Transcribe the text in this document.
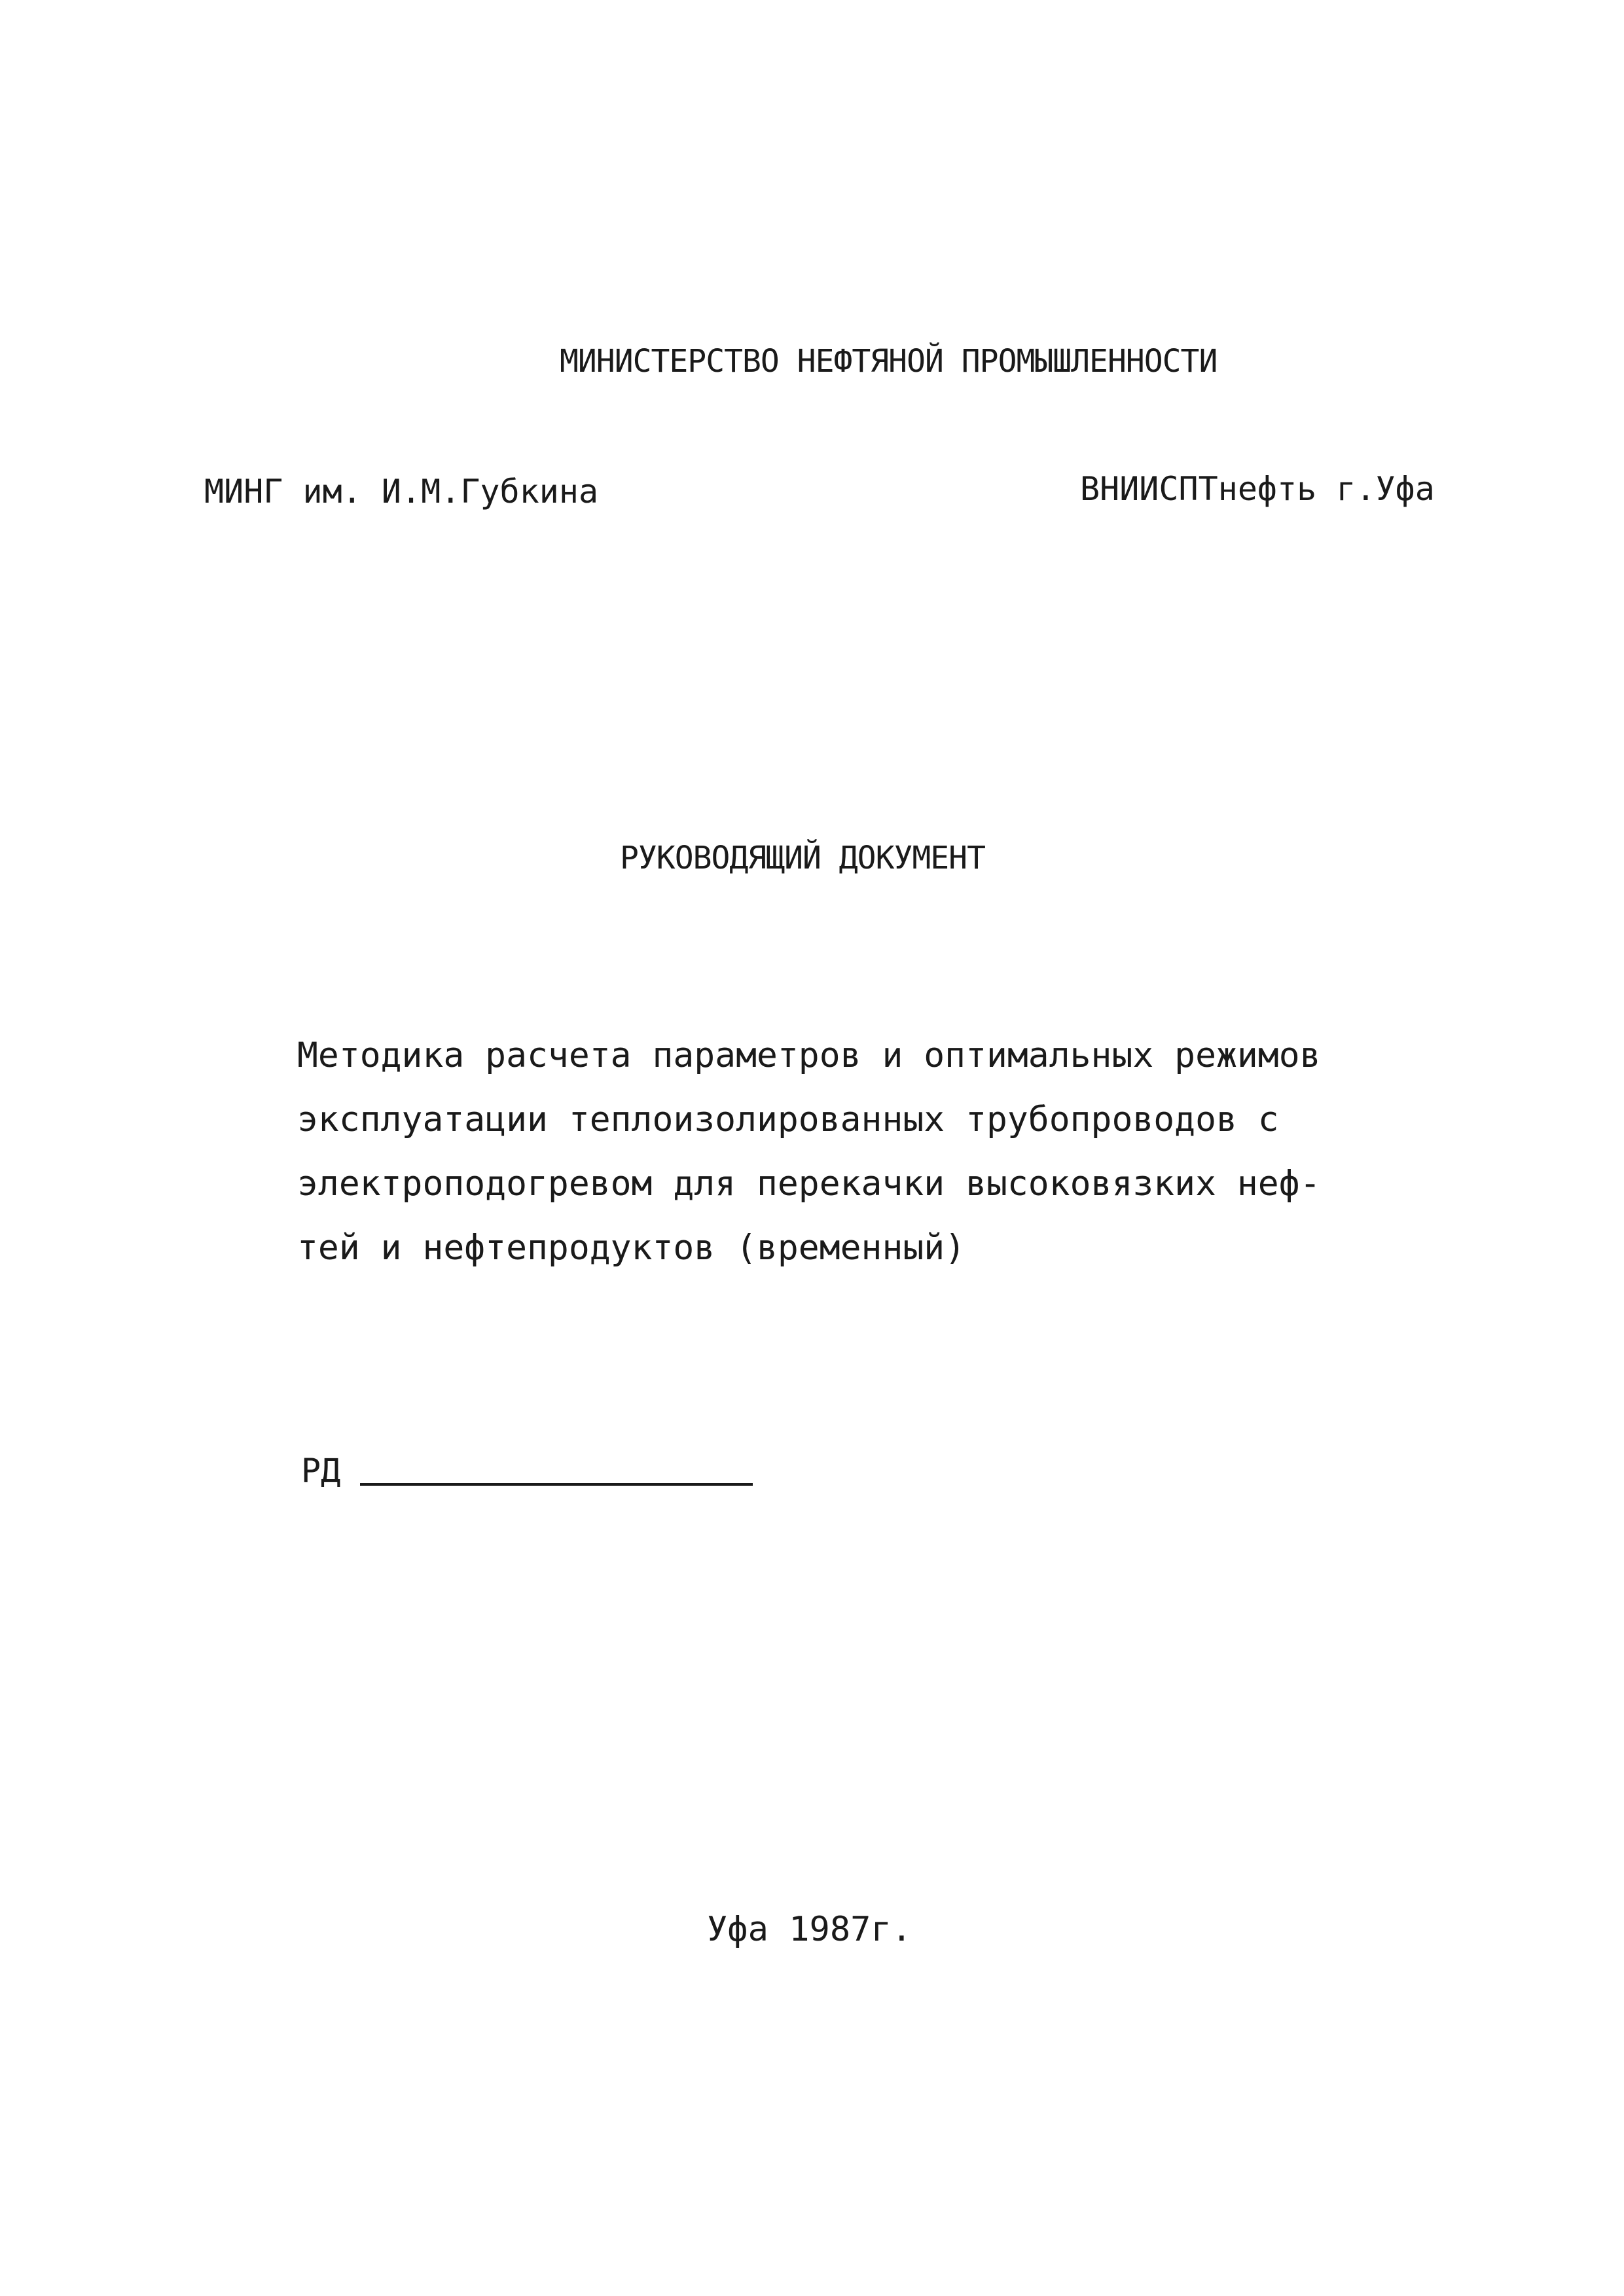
МИНИСТЕРСТВО НЕФТЯНОЙ ПРОМЫШЛЕННОСТИ
МИНГ им. И.М.Губкина	ВНИИСПТнефть г.Уфа
РУКОВОДЯЩИЙ ДОКУМЕНТ
Методика расчета параметров и оптимальных режимов
эксплуатации теплоизолированных трубопроводов с
электроподогревом для перекачки высоковязких неф-
тей и нефтепродуктов (временный)
РД
Уфа 1987г.
